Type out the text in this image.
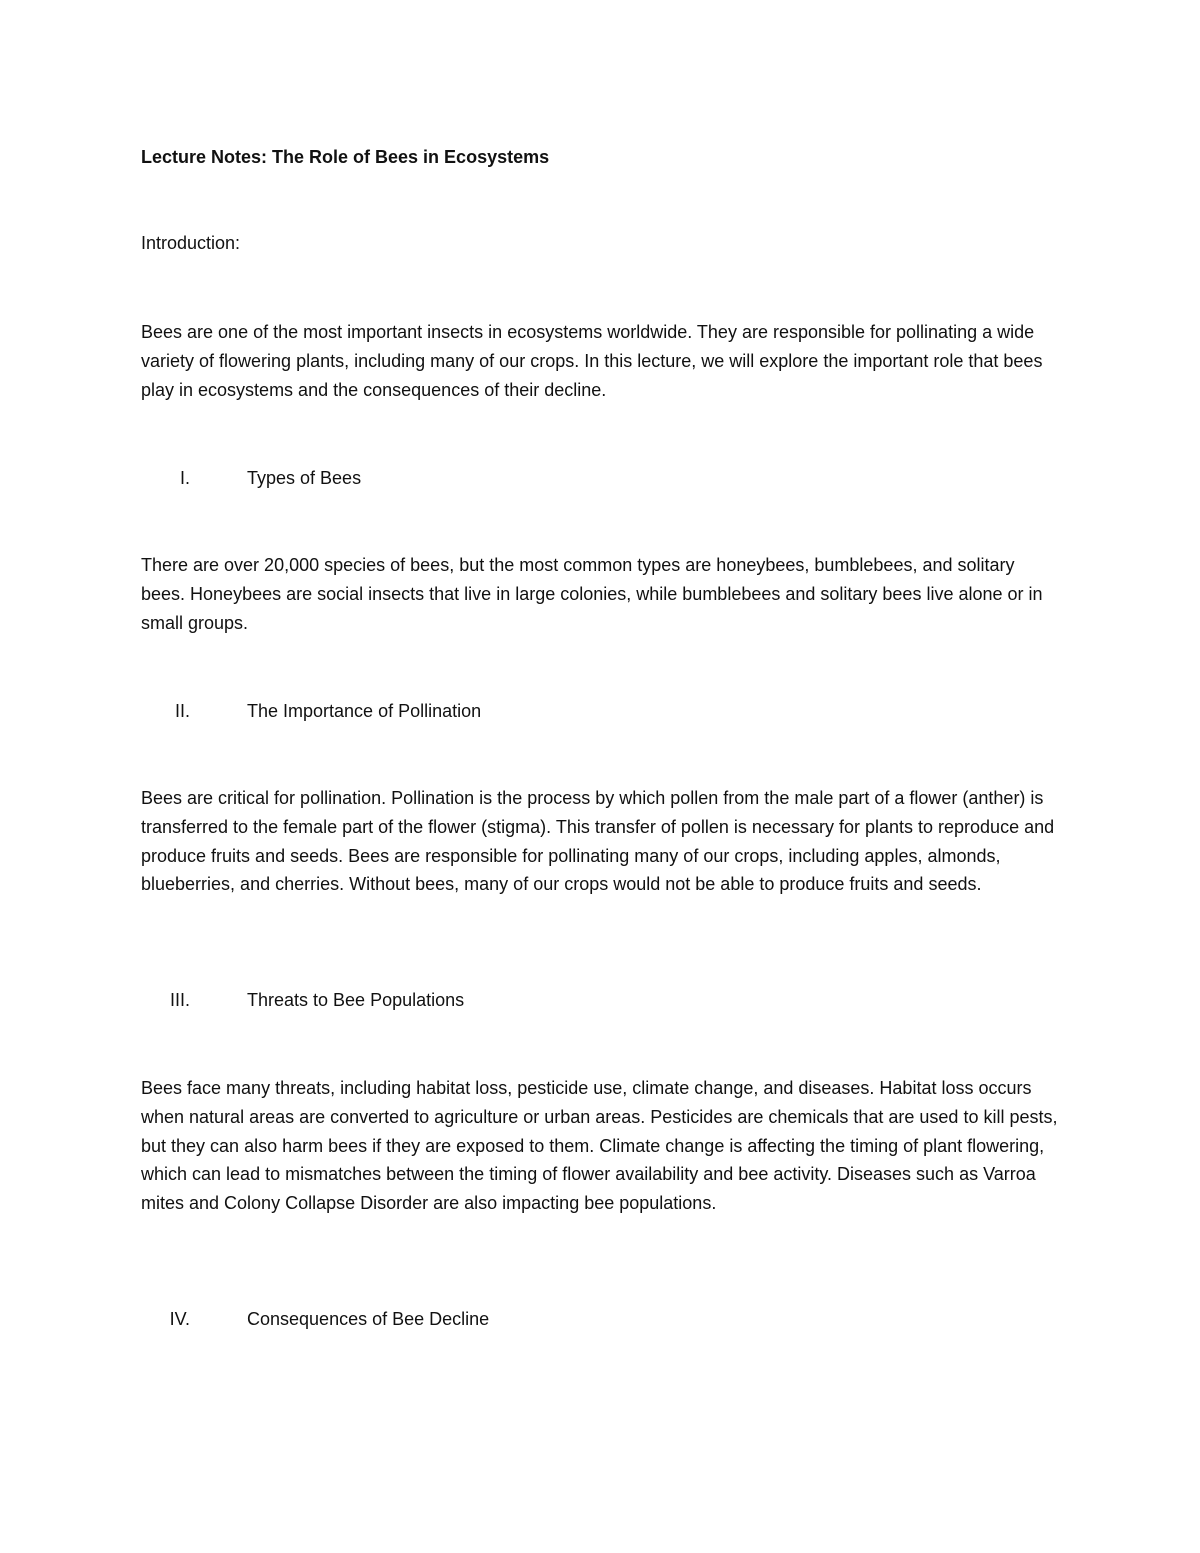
Lecture Notes: The Role of Bees in Ecosystems
Introduction:

Bees are one of the most important insects in ecosystems worldwide. They are responsible for pollinating a wide variety of flowering plants, including many of our crops. In this lecture, we will explore the important role that bees play in ecosystems and the consequences of their decline.

I.	Types of Bees

There are over 20,000 species of bees, but the most common types are honeybees, bumblebees, and solitary bees. Honeybees are social insects that live in large colonies, while bumblebees and solitary bees live alone or in small groups.

II.	The Importance of Pollination

Bees are critical for pollination. Pollination is the process by which pollen from the male part of a flower (anther) is transferred to the female part of the flower (stigma). This transfer of pollen is necessary for plants to reproduce and produce fruits and seeds. Bees are responsible for pollinating many of our crops, including apples, almonds, blueberries, and cherries. Without bees, many of our crops would not be able to produce fruits and seeds.

III.	Threats to Bee Populations

Bees face many threats, including habitat loss, pesticide use, climate change, and diseases. Habitat loss occurs when natural areas are converted to agriculture or urban areas. Pesticides are chemicals that are used to kill pests, but they can also harm bees if they are exposed to them. Climate change is affecting the timing of plant flowering, which can lead to mismatches between the timing of flower availability and bee activity. Diseases such as Varroa mites and Colony Collapse Disorder are also impacting bee populations.

IV.	Consequences of Bee Decline
